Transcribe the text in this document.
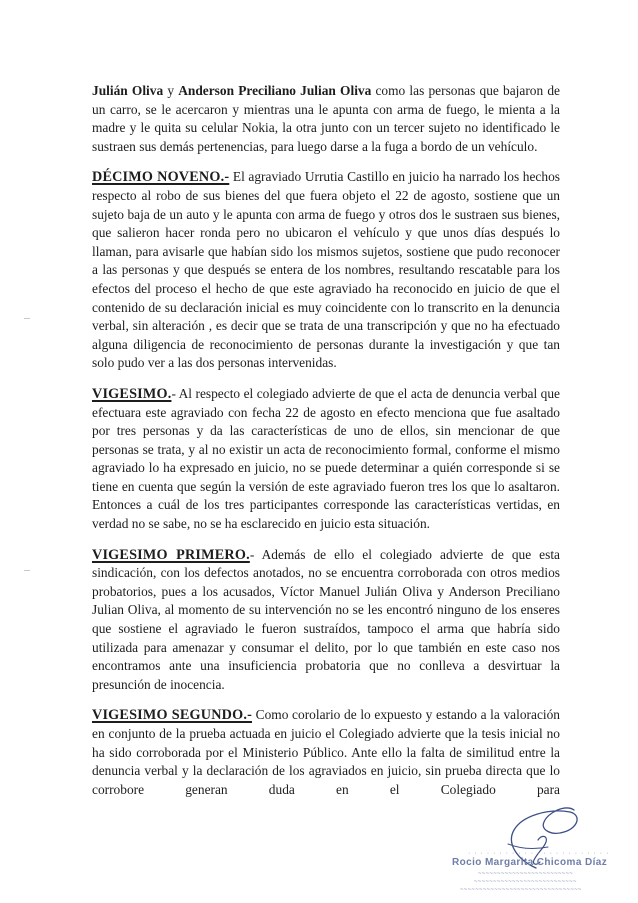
Julián Oliva y Anderson Preciliano Julian Oliva como las personas que bajaron de un carro, se le acercaron y mientras una le apunta con arma de fuego, le mienta a la madre y le quita su celular Nokia, la otra junto con un tercer sujeto no identificado le sustraen sus demás pertenencias, para luego darse a la fuga a bordo de un vehículo.

DÉCIMO NOVENO.- El agraviado Urrutia Castillo en juicio ha narrado los hechos respecto al robo de sus bienes del que fuera objeto el 22 de agosto, sostiene que un sujeto baja de un auto y le apunta con arma de fuego y otros dos le sustraen sus bienes, que salieron hacer ronda pero no ubicaron el vehículo y que unos días después lo llaman, para avisarle que habían sido los mismos sujetos, sostiene que pudo reconocer a las personas y que después se entera de los nombres, resultando rescatable para los efectos del proceso el hecho de que este agraviado ha reconocido en juicio de que el contenido de su declaración inicial es muy coincidente con lo transcrito en la denuncia verbal, sin alteración , es decir que se trata de una transcripción y que no ha efectuado alguna diligencia de reconocimiento de personas durante la investigación y que tan solo pudo ver a las dos personas intervenidas.

VIGESIMO.- Al respecto el colegiado advierte de que el acta de denuncia verbal que efectuara este agraviado con fecha 22 de agosto en efecto menciona que fue asaltado por tres personas y da las características de uno de ellos, sin mencionar de que personas se trata, y al no existir un acta de reconocimiento formal, conforme el mismo agraviado lo ha expresado en juicio, no se puede determinar a quién corresponde si se tiene en cuenta que según la versión de este agraviado fueron tres los que lo asaltaron. Entonces a cuál de los tres participantes corresponde las características vertidas, en verdad no se sabe, no se ha esclarecido en juicio esta situación.

VIGESIMO PRIMERO.- Además de ello el colegiado advierte de que esta sindicación, con los defectos anotados, no se encuentra corroborada con otros medios probatorios, pues a los acusados, Víctor Manuel Julián Oliva y Anderson Preciliano Julian Oliva, al momento de su intervención no se les encontró ninguno de los enseres que sostiene el agraviado le fueron sustraídos, tampoco el arma que habría sido utilizada para amenazar y consumar el delito, por lo que también en este caso nos encontramos ante una insuficiencia probatoria que no conlleva a desvirtuar la presunción de inocencia.

VIGESIMO SEGUNDO.- Como corolario de lo expuesto y estando a la valoración en conjunto de la prueba actuada en juicio el Colegiado advierte que la tesis inicial no ha sido corroborada por el Ministerio Público. Ante ello la falta de similitud entre la denuncia verbal y la declaración de los agraviados en juicio, sin prueba directa que lo corrobore generan duda en el Colegiado para

· · · · · · · · · · · · · · · · · · · · · · ·
Rocio Margarita Chicoma Díaz
~~~~~~~~~~~~~~~~~~~~~~~~~
~~~~~~~~~~~~~~~~~~~~~~~~~~~
~~~~~~~~~~~~~~~~~~~~~~~~~~~~~~~~
